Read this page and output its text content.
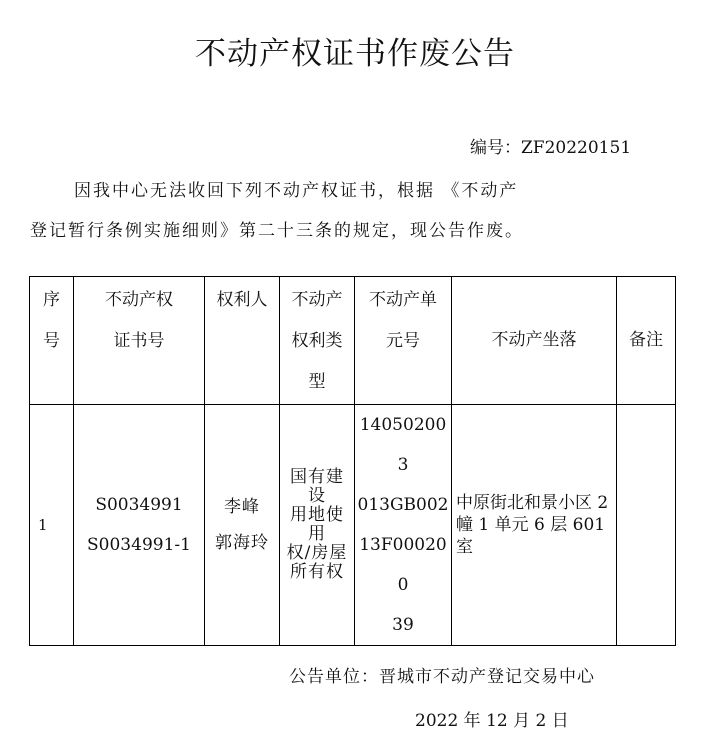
不动产权证书作废公告
编号：ZF20220151
因我中心无法收回下列不动产权证书，根据 《不动产
登记暂行条例实施细则》第二十三条的规定，现公告作废。
序
号	不动产权
证书号	权利人	不动产
权利类
型	不动产单
元号	不动产坐落	备注
1	S0034991
S0034991-1	李峰
郭海玲	国有建设
用地使用
权/房屋
所有权	140502003
013GB002
13F000200
39	中原街北和景小区 2 幢 1 单元 6 层 601 室	
公告单位：晋城市不动产登记交易中心
2022 年 12 月 2 日
